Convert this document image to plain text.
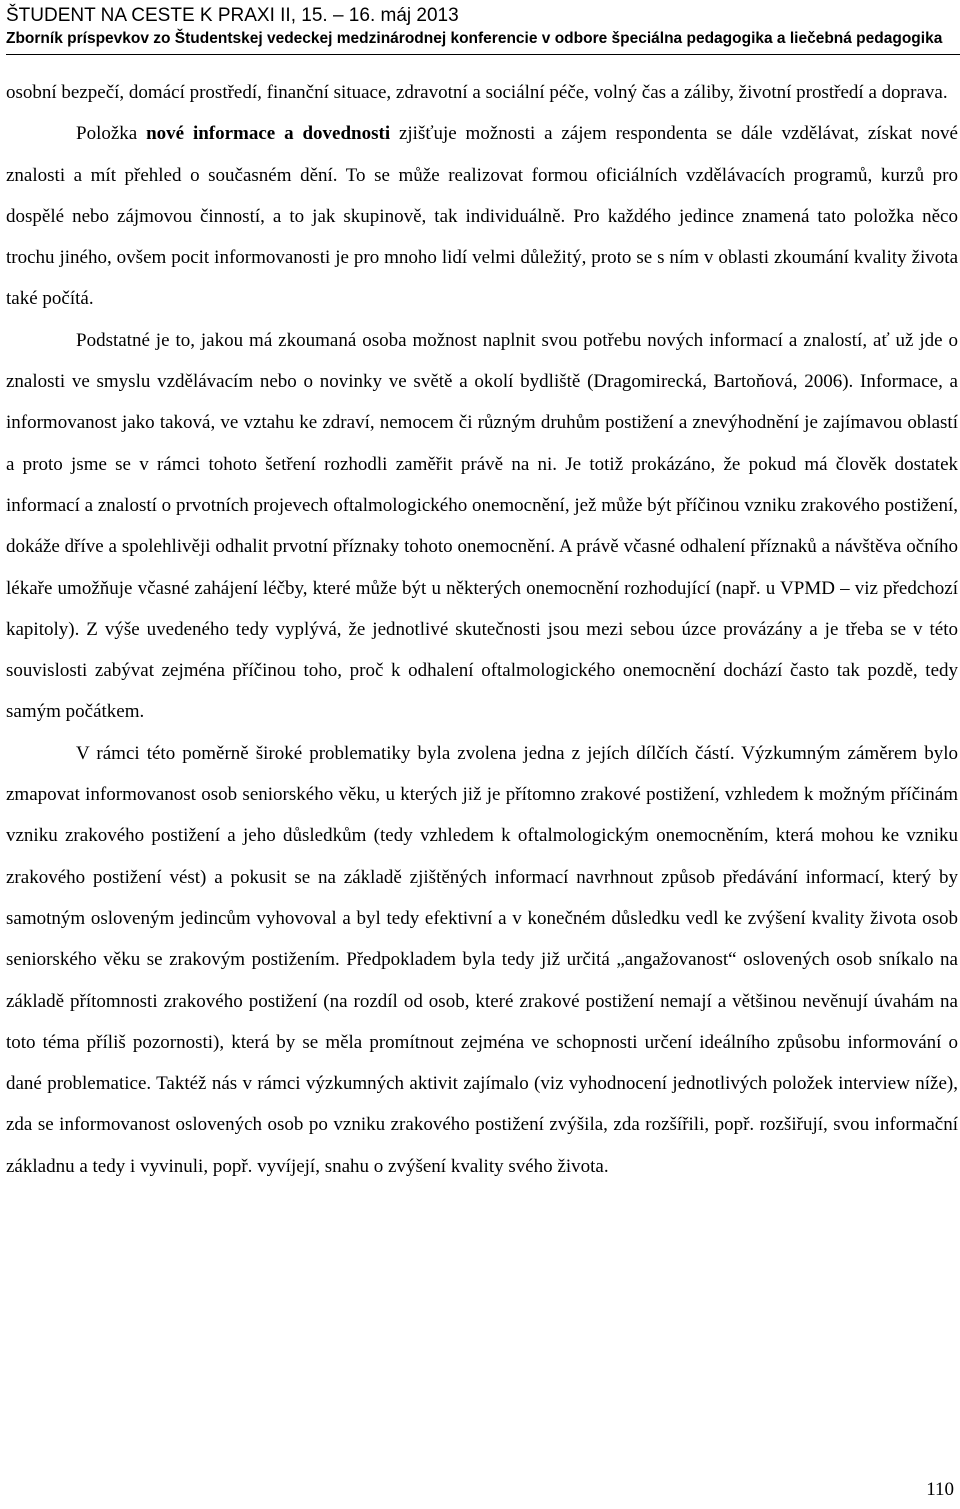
ŠTUDENT NA CESTE K PRAXI II, 15. – 16. máj 2013
Zborník príspevkov zo Študentskej vedeckej medzinárodnej konferencie v odbore špeciálna pedagogika a liečebná pedagogika

osobní bezpečí, domácí prostředí, finanční situace, zdravotní a sociální péče, volný čas a záliby, životní prostředí a doprava.

Položka nové informace a dovednosti zjišťuje možnosti a zájem respondenta se dále vzdělávat, získat nové znalosti a mít přehled o současném dění. To se může realizovat formou oficiálních vzdělávacích programů, kurzů pro dospělé nebo zájmovou činností, a to jak skupinově, tak individuálně. Pro každého jedince znamená tato položka něco trochu jiného, ovšem pocit informovanosti je pro mnoho lidí velmi důležitý, proto se s ním v oblasti zkoumání kvality života také počítá.

Podstatné je to, jakou má zkoumaná osoba možnost naplnit svou potřebu nových informací a znalostí, ať už jde o znalosti ve smyslu vzdělávacím nebo o novinky ve světě a okolí bydliště (Dragomirecká, Bartoňová, 2006). Informace, a informovanost jako taková, ve vztahu ke zdraví, nemocem či různým druhům postižení a znevýhodnění je zajímavou oblastí a proto jsme se v rámci tohoto šetření rozhodli zaměřit právě na ni. Je totiž prokázáno, že pokud má člověk dostatek informací a znalostí o prvotních projevech oftalmologického onemocnění, jež může být příčinou vzniku zrakového postižení, dokáže dříve a spolehlivěji odhalit prvotní příznaky tohoto onemocnění. A právě včasné odhalení příznaků a návštěva očního lékaře umožňuje včasné zahájení léčby, které může být u některých onemocnění rozhodující (např. u VPMD – viz předchozí kapitoly). Z výše uvedeného tedy vyplývá, že jednotlivé skutečnosti jsou mezi sebou úzce provázány a je třeba se v této souvislosti zabývat zejména příčinou toho, proč k odhalení oftalmologického onemocnění dochází často tak pozdě, tedy samým počátkem.

V rámci této poměrně široké problematiky byla zvolena jedna z jejích dílčích částí. Výzkumným záměrem bylo zmapovat informovanost osob seniorského věku, u kterých již je přítomno zrakové postižení, vzhledem k možným příčinám vzniku zrakového postižení a jeho důsledkům (tedy vzhledem k oftalmologickým onemocněním, která mohou ke vzniku zrakového postižení vést) a pokusit se na základě zjištěných informací navrhnout způsob předávání informací, který by samotným osloveným jedincům vyhovoval a byl tedy efektivní a v konečném důsledku vedl ke zvýšení kvality života osob seniorského věku se zrakovým postižením. Předpokladem byla tedy již určitá „angažovanost“ oslovených osob sníkalo na základě přítomnosti zrakového postižení (na rozdíl od osob, které zrakové postižení nemají a většinou nevěnují úvahám na toto téma příliš pozornosti), která by se měla promítnout zejména ve schopnosti určení ideálního způsobu informování o dané problematice. Taktéž nás v rámci výzkumných aktivit zajímalo (viz vyhodnocení jednotlivých položek interview níže), zda se informovanost oslovených osob po vzniku zrakového postižení zvýšila, zda rozšířili, popř. rozšiřují, svou informační základnu a tedy i vyvinuli, popř. vyvíjejí, snahu o zvýšení kvality svého života.

110
